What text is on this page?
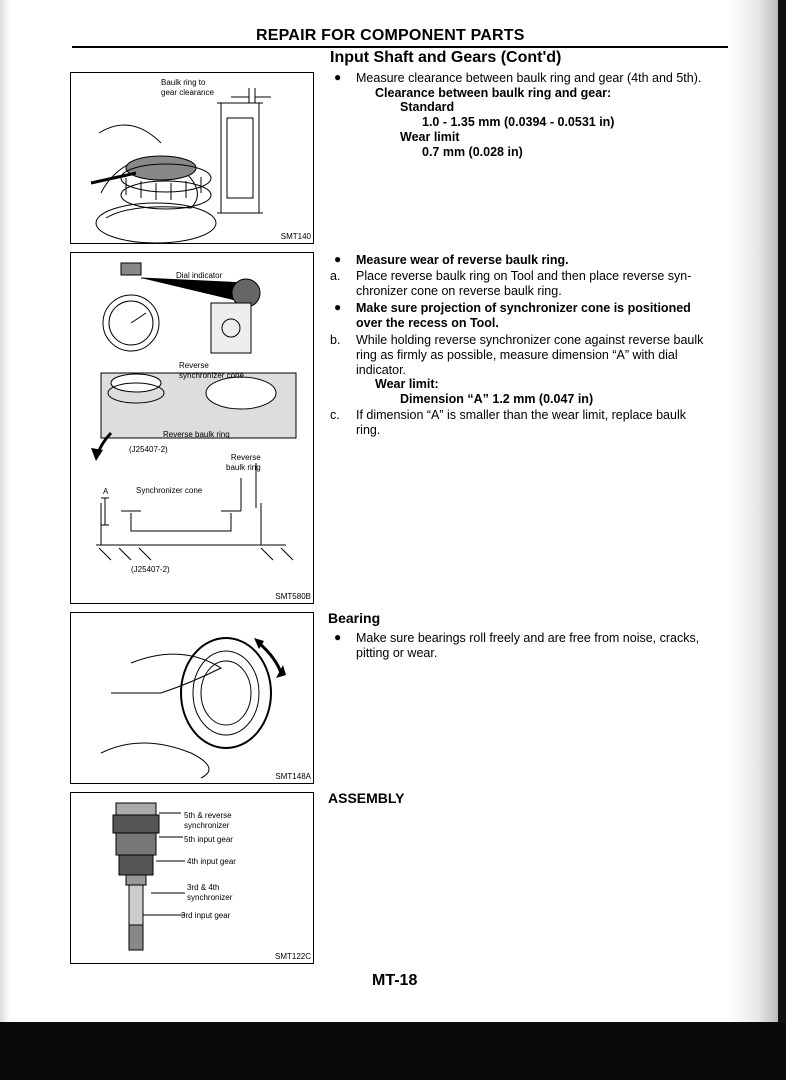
REPAIR FOR COMPONENT PARTS
Input Shaft and Gears (Cont'd)
Baulk ring to
gear clearance
SMT140
Dial indicator
Reverse
synchronizer cone
Reverse baulk ring
(J25407-2)
Reverse
baulk ring
Synchronizer cone
A
(J25407-2)
SMT580B
SMT148A
5th & reverse
synchronizer
5th input gear
4th input gear
3rd & 4th
synchronizer
3rd input gear
SMT122C
● Measure clearance between baulk ring and gear (4th and 5th).
Clearance between baulk ring and gear:
Standard
1.0 - 1.35 mm (0.0394 - 0.0531 in)
Wear limit
0.7 mm (0.028 in)
● Measure wear of reverse baulk ring.
a. Place reverse baulk ring on Tool and then place reverse syn-
chronizer cone on reverse baulk ring.
● Make sure projection of synchronizer cone is positioned
over the recess on Tool.
b. While holding reverse synchronizer cone against reverse baulk
ring as firmly as possible, measure dimension “A” with dial
indicator.
Wear limit:
Dimension “A” 1.2 mm (0.047 in)
c. If dimension “A” is smaller than the wear limit, replace baulk
ring.
Bearing
● Make sure bearings roll freely and are free from noise, cracks,
pitting or wear.
ASSEMBLY
MT-18
